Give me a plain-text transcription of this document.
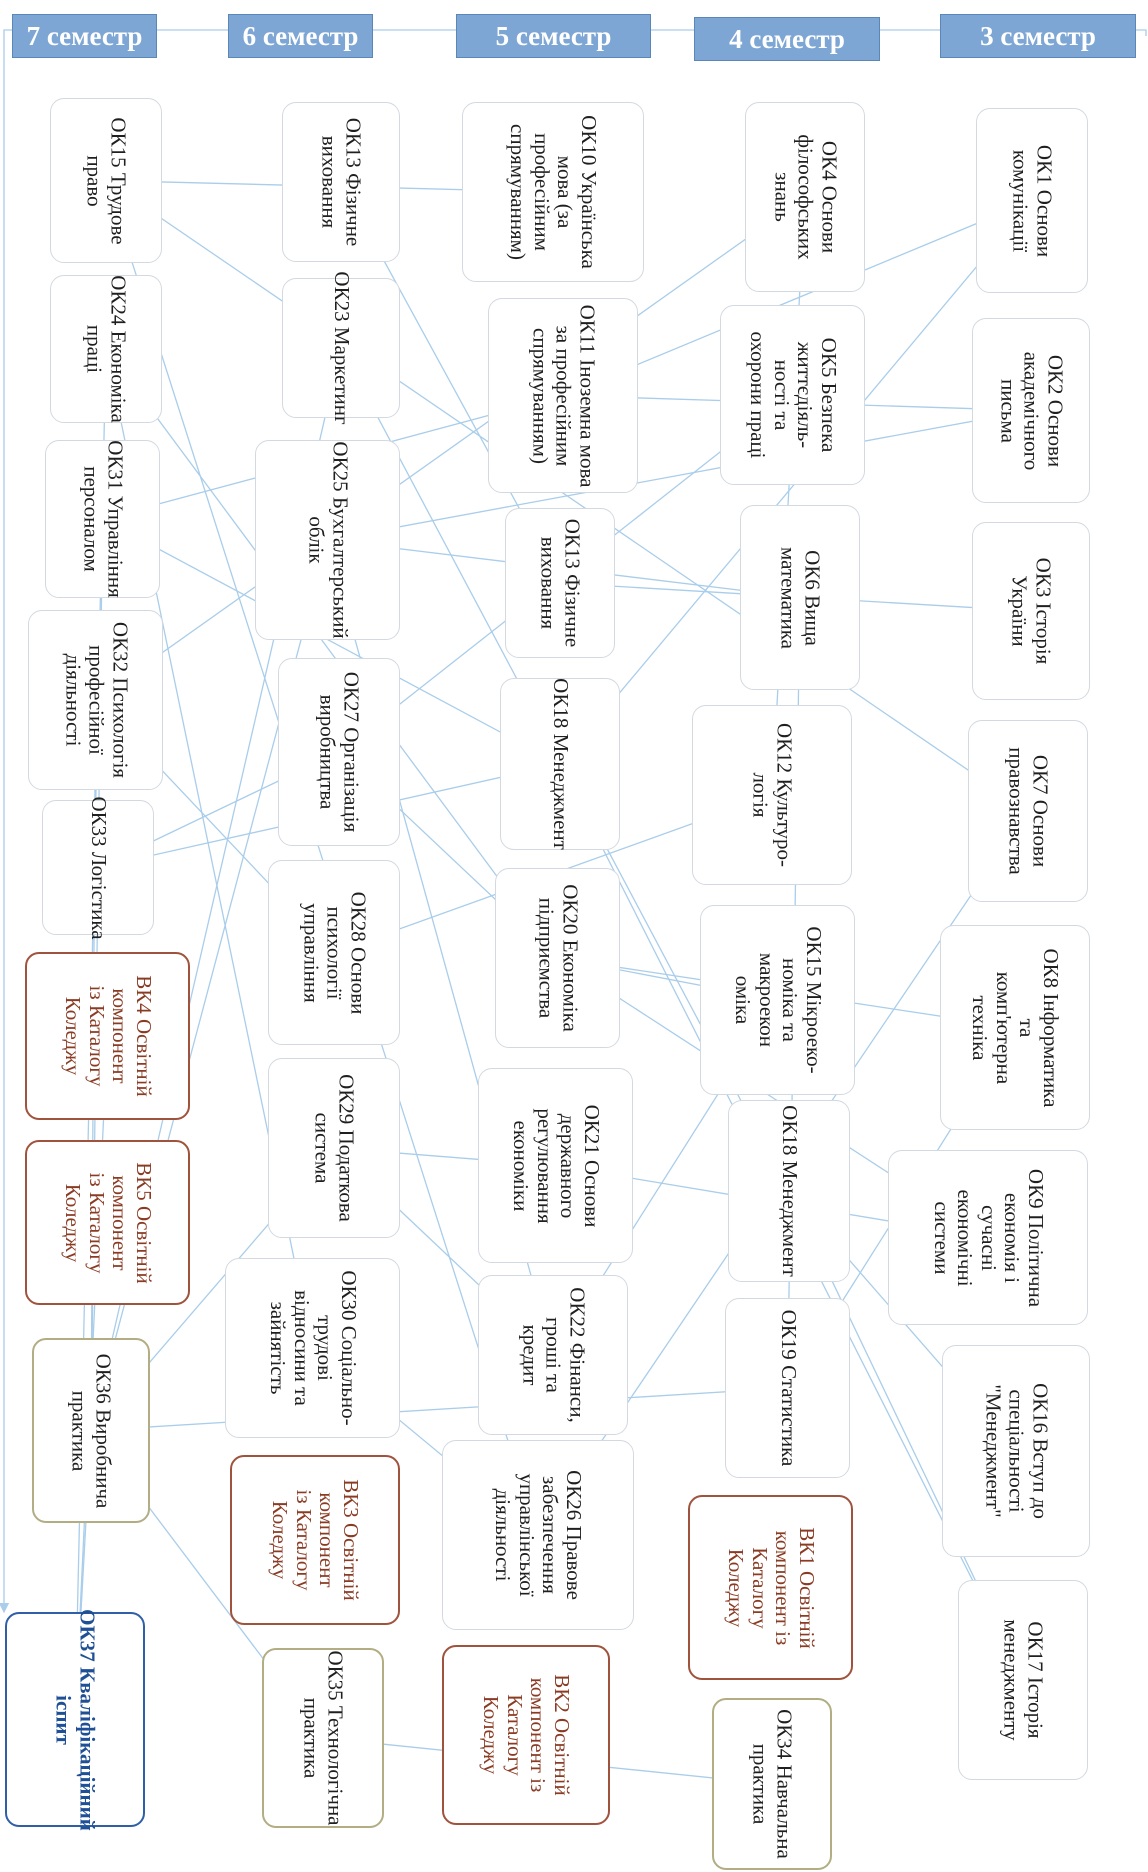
7 семестр	6 семестр	5 семестр	4 семестр	3 семестр
ОК1 Основи
комунікації
ОК2 Основи
академічного
письма
ОК3 Історія
України
ОК7 Основи
правознавства
ОК8 Інформатика
та
комп'ютерна
техніка
ОК9 Політична
економія і
сучасні
економічні
системи
ОК16 Вступ до
спеціальності
"Менеджмент"
ОК17 Історія
менеджменту
ОК4 Основи
філософських
знань
ОК5 Безпека
життєдіяль-
ності та
охорони праці
ОК6 Вища
математика
ОК12 Культуро-
логія
ОК15 Мікроеко-
номіка та
макроекон
оміка
ОК18 Менеджмент
ОК19 Статистика
ВК1 Освітній
компонент із
Каталогу
Коледжу
ОК34 Навчальна
практика
ОК10 Українська
мова (за
професійним
спрямуванням)
ОК11 Іноземна мова
за професійним
спрямуванням)
ОК13 Фізичне
виховання
ОК18 Менеджмент
ОК20 Економіка
підприємства
ОК21 Основи
державного
регулювання
економіки
ОК22 Фінанси,
гроші та
кредит
ОК26 Правове
забезпечення
управлінської
діяльності
ВК2 Освітній
компонент із
Каталогу
Коледжу
ОК13 Фізичне
виховання
ОК23 Маркетинг
ОК25 Бухгалтерський
облік
ОК27 Організація
виробництва
ОК28 Основи
психології
управління
ОК29 Податкова
система
ОК30 Соціально-
трудові
відносини та
зайнятість
ВК3 Освітній
компонент
із Каталогу
Коледжу
ОК35 Технологічна
практика
ОК15 Трудове
право
ОК24 Економіка
праці
ОК31 Управління
персоналом
ОК32 Психологія
професійної
діяльності
ОК33 Логістика
ВК4 Освітній
компонент
із Каталогу
Коледжу
ВК5 Освітній
компонент
із Каталогу
Коледжу
ОК36 Виробнича
практика
ОК37 Кваліфікаційний
іспит
